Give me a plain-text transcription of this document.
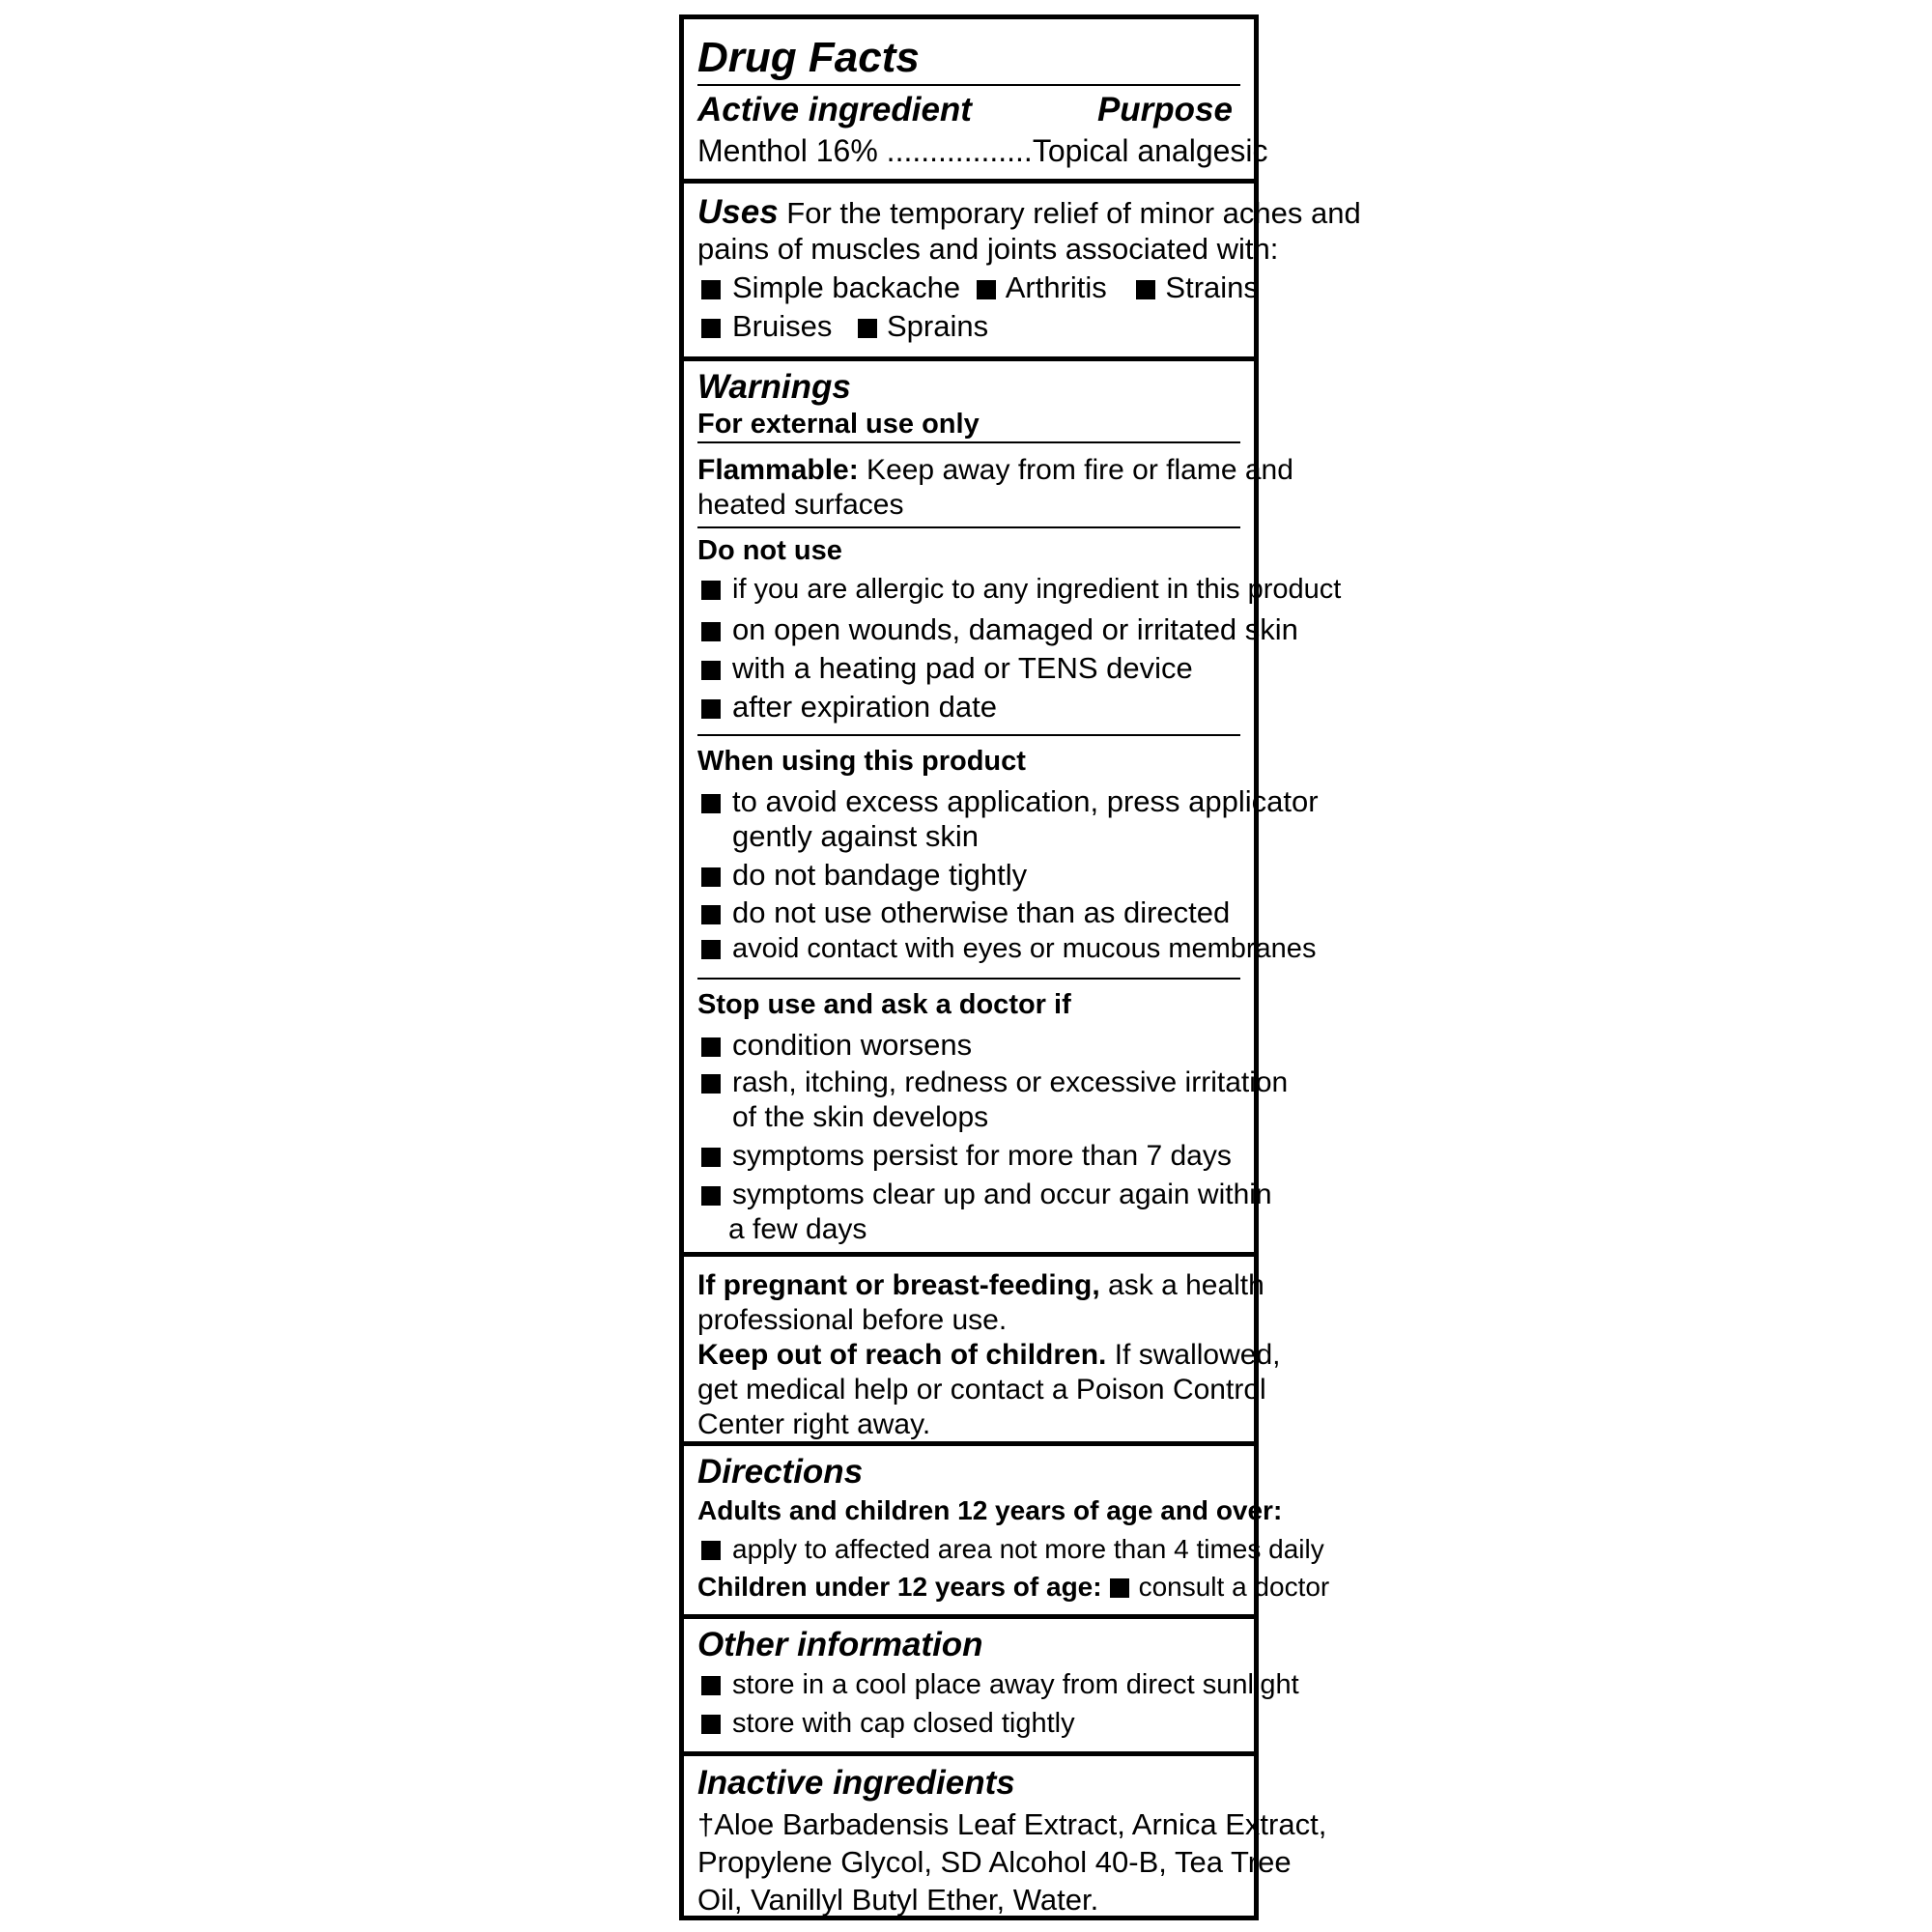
Drug Facts
Active ingredient	Purpose
Menthol 16% .................Topical analgesic
Uses For the temporary relief of minor aches and
pains of muscles and joints associated with:
Simple backache Arthritis Strains
Bruises Sprains
Warnings
For external use only
Flammable: Keep away from fire or flame and
heated surfaces
Do not use
if you are allergic to any ingredient in this product
on open wounds, damaged or irritated skin
with a heating pad or TENS device
after expiration date
When using this product
to avoid excess application, press applicator
gently against skin
do not bandage tightly
do not use otherwise than as directed
avoid contact with eyes or mucous membranes
Stop use and ask a doctor if
condition worsens
rash, itching, redness or excessive irritation
of the skin develops
symptoms persist for more than 7 days
symptoms clear up and occur again within
a few days
If pregnant or breast-feeding, ask a health
professional before use.
Keep out of reach of children. If swallowed,
get medical help or contact a Poison Control
Center right away.
Directions
Adults and children 12 years of age and over:
apply to affected area not more than 4 times daily
Children under 12 years of age: consult a doctor
Other information
store in a cool place away from direct sunlight
store with cap closed tightly
Inactive ingredients
†Aloe Barbadensis Leaf Extract, Arnica Extract,
Propylene Glycol, SD Alcohol 40-B, Tea Tree
Oil, Vanillyl Butyl Ether, Water.
